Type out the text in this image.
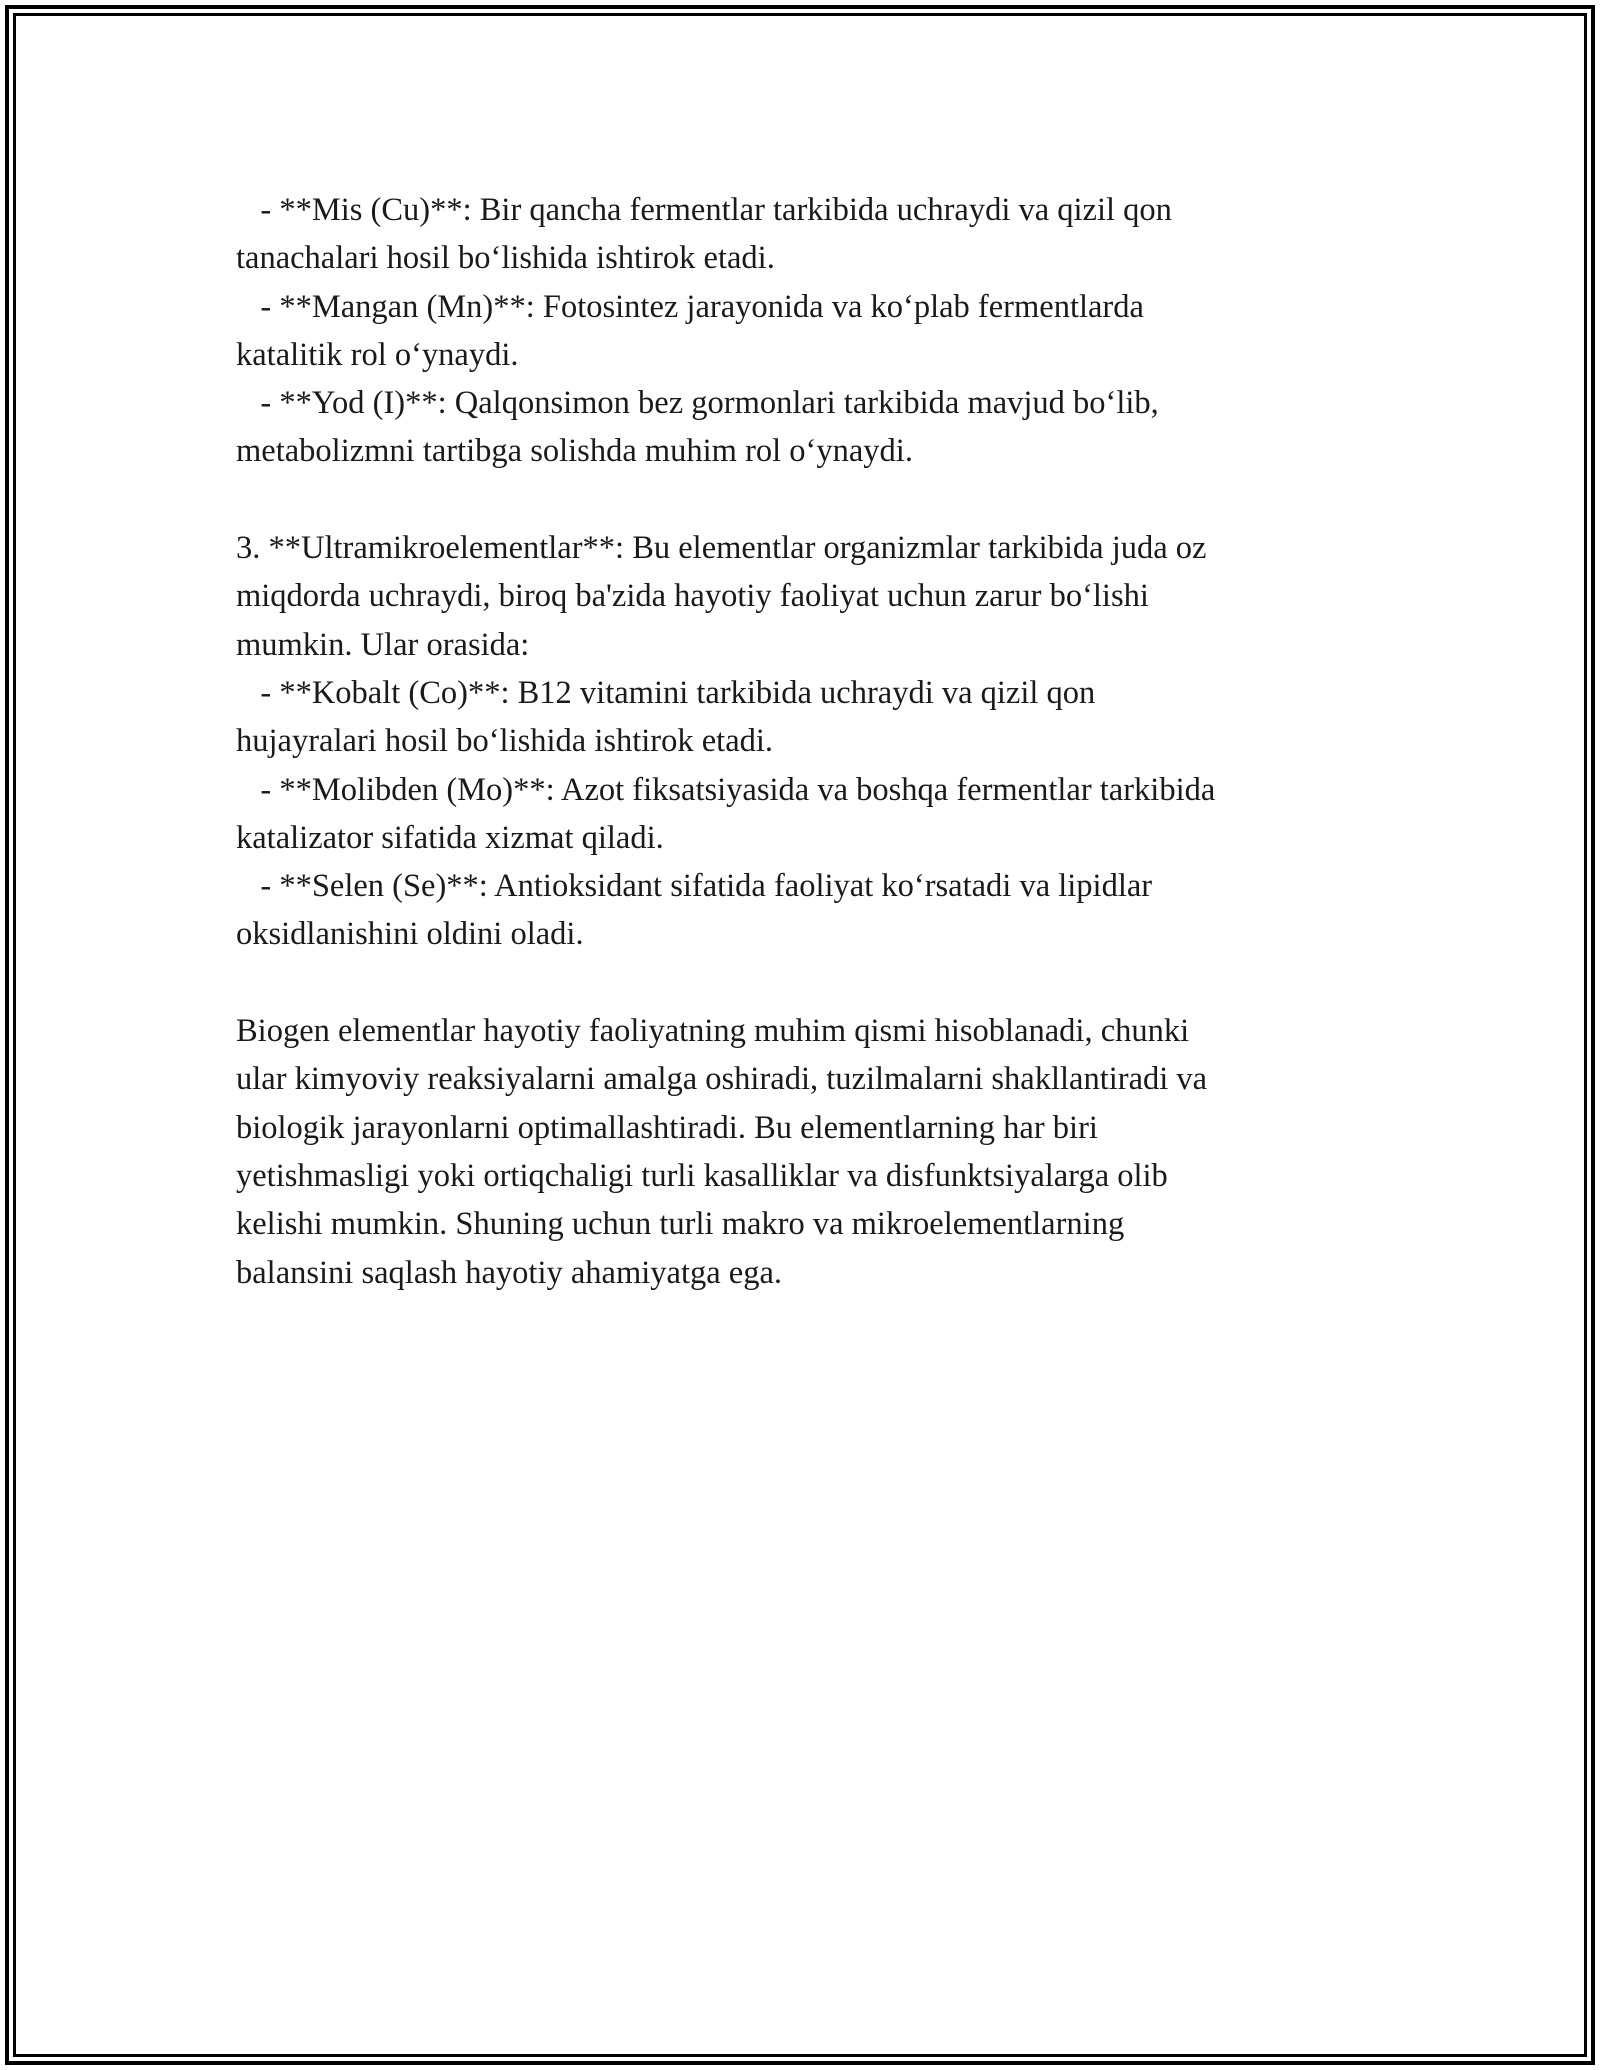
- **Mis (Cu)**: Bir qancha fermentlar tarkibida uchraydi va qizil qon
tanachalari hosil bo‘lishida ishtirok etadi.
- **Mangan (Mn)**: Fotosintez jarayonida va ko‘plab fermentlarda
katalitik rol o‘ynaydi.
- **Yod (I)**: Qalqonsimon bez gormonlari tarkibida mavjud bo‘lib,
metabolizmni tartibga solishda muhim rol o‘ynaydi.
3. **Ultramikroelementlar**: Bu elementlar organizmlar tarkibida juda oz
miqdorda uchraydi, biroq ba'zida hayotiy faoliyat uchun zarur bo‘lishi
mumkin. Ular orasida:
- **Kobalt (Co)**: B12 vitamini tarkibida uchraydi va qizil qon
hujayralari hosil bo‘lishida ishtirok etadi.
- **Molibden (Mo)**: Azot fiksatsiyasida va boshqa fermentlar tarkibida
katalizator sifatida xizmat qiladi.
- **Selen (Se)**: Antioksidant sifatida faoliyat ko‘rsatadi va lipidlar
oksidlanishini oldini oladi.
Biogen elementlar hayotiy faoliyatning muhim qismi hisoblanadi, chunki
ular kimyoviy reaksiyalarni amalga oshiradi, tuzilmalarni shakllantiradi va
biologik jarayonlarni optimallashtiradi. Bu elementlarning har biri
yetishmasligi yoki ortiqchaligi turli kasalliklar va disfunktsiyalarga olib
kelishi mumkin. Shuning uchun turli makro va mikroelementlarning
balansini saqlash hayotiy ahamiyatga ega.
